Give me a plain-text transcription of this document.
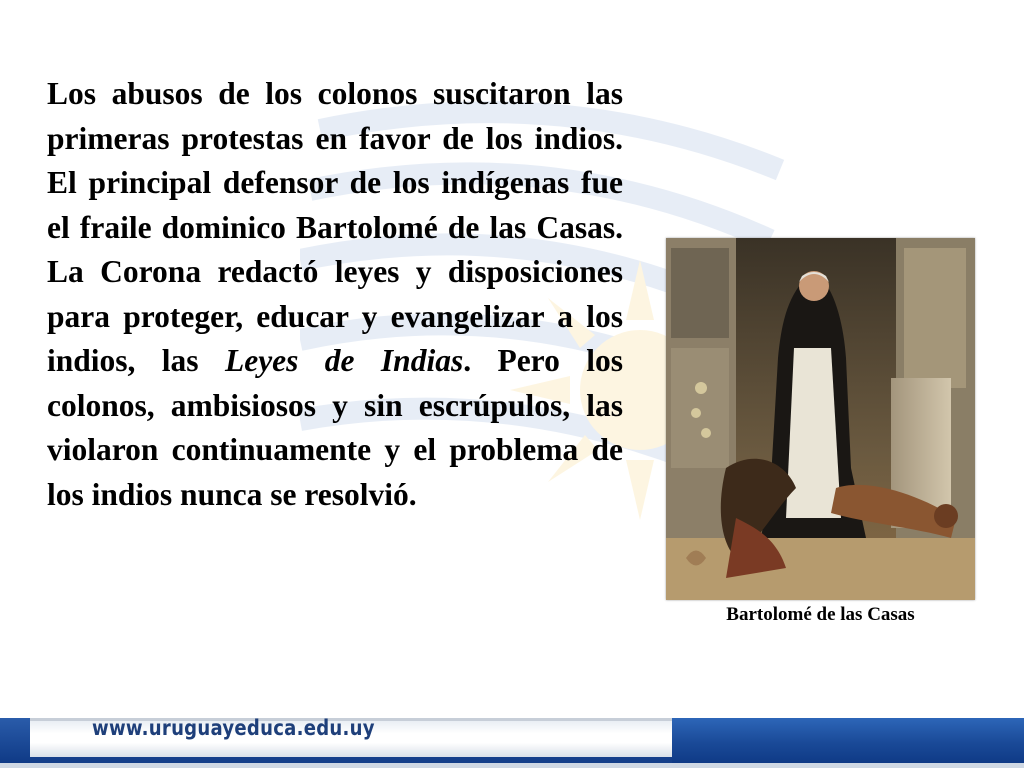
Los abusos de los colonos suscitaron las primeras protestas en favor de los indios. El principal defensor de los indígenas fue el fraile dominico Bartolomé de las Casas. La Corona redactó leyes y disposiciones para proteger, educar y evangelizar a los indios, las Leyes de Indias. Pero los colonos, ambisiosos y sin escrúpulos, las violaron continuamente y el problema de los indios nunca se resolvió.

Bartolomé de las Casas
www.uruguayeduca.edu.uy
